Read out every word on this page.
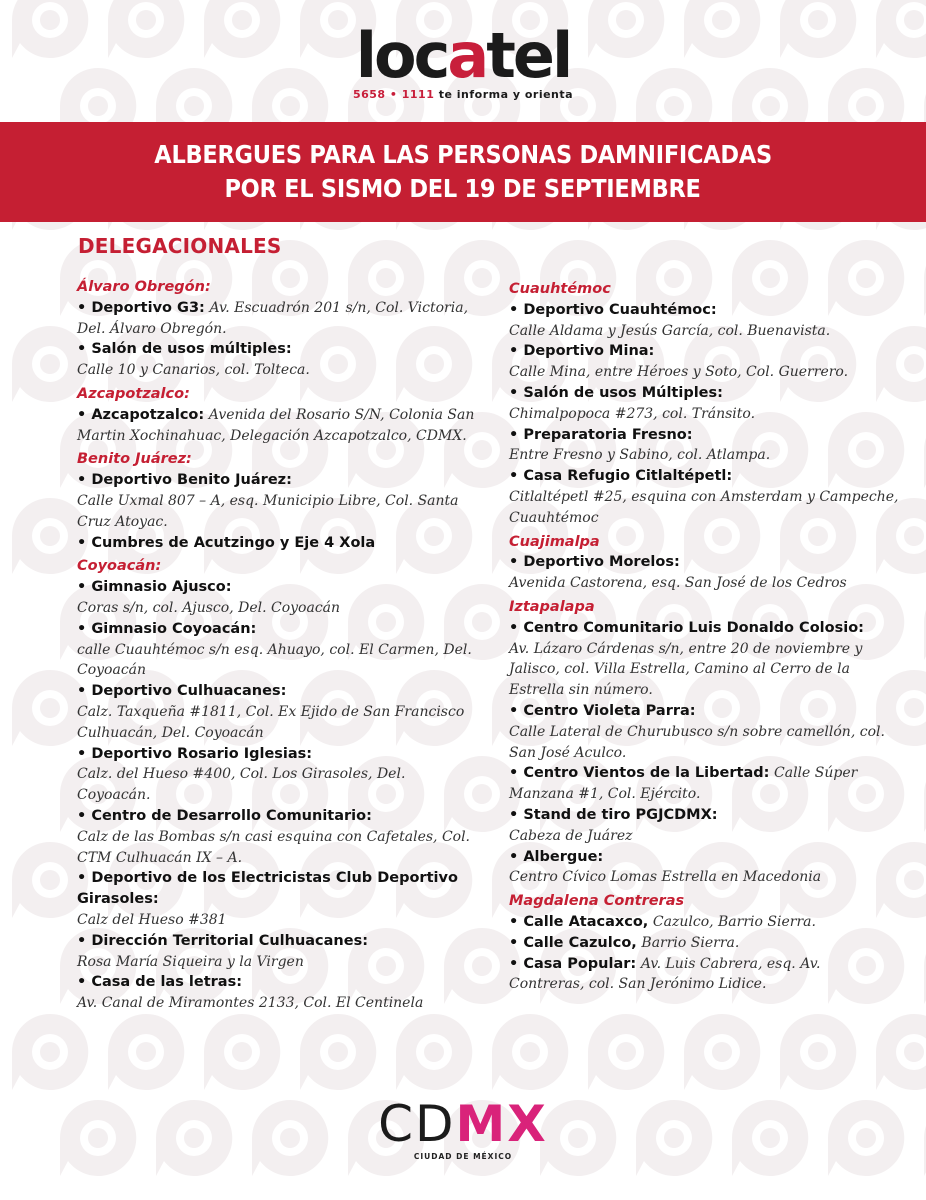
locatel
5658 • 1111 te informa y orienta
ALBERGUES PARA LAS PERSONAS DAMNIFICADAS
POR EL SISMO DEL 19 DE SEPTIEMBRE
DELEGACIONALES
Álvaro Obregón:
• Deportivo G3: Av. Escuadrón 201 s/n, Col. Victoria, Del. Álvaro Obregón.
• Salón de usos múltiples:
Calle 10 y Canarios, col. Tolteca.
Azcapotzalco:
• Azcapotzalco: Avenida del Rosario S/N, Colonia San Martin Xochinahuac, Delegación Azcapotzalco, CDMX.
Benito Juárez:
• Deportivo Benito Juárez:
Calle Uxmal 807 – A, esq. Municipio Libre, Col. Santa Cruz Atoyac.
• Cumbres de Acutzingo y Eje 4 Xola
Coyoacán:
• Gimnasio Ajusco:
Coras s/n, col. Ajusco, Del. Coyoacán
• Gimnasio Coyoacán:
calle Cuauhtémoc s/n esq. Ahuayo, col. El Carmen, Del. Coyoacán
• Deportivo Culhuacanes:
Calz. Taxqueña #1811, Col. Ex Ejido de San Francisco Culhuacán, Del. Coyoacán
• Deportivo Rosario Iglesias:
Calz. del Hueso #400, Col. Los Girasoles, Del. Coyoacán.
• Centro de Desarrollo Comunitario:
Calz de las Bombas s/n casi esquina con Cafetales, Col. CTM Culhuacán IX – A.
• Deportivo de los Electricistas Club Deportivo Girasoles:
Calz del Hueso #381
• Dirección Territorial Culhuacanes:
Rosa María Siqueira y la Virgen
• Casa de las letras:
Av. Canal de Miramontes 2133, Col. El Centinela
Cuauhtémoc
• Deportivo Cuauhtémoc:
Calle Aldama y Jesús García, col. Buenavista.
• Deportivo Mina:
Calle Mina, entre Héroes y Soto, Col. Guerrero.
• Salón de usos Múltiples:
Chimalpopoca #273, col. Tránsito.
• Preparatoria Fresno:
Entre Fresno y Sabino, col. Atlampa.
• Casa Refugio Citlaltépetl:
Citlaltépetl #25, esquina con Amsterdam y Campeche, Cuauhtémoc
Cuajimalpa
• Deportivo Morelos:
Avenida Castorena, esq. San José de los Cedros
Iztapalapa
• Centro Comunitario Luis Donaldo Colosio:
Av. Lázaro Cárdenas s/n, entre 20 de noviembre y Jalisco, col. Villa Estrella, Camino al Cerro de la Estrella sin número.
• Centro Violeta Parra:
Calle Lateral de Churubusco s/n sobre camellón, col. San José Aculco.
• Centro Vientos de la Libertad: Calle Súper Manzana #1, Col. Ejército.
• Stand de tiro PGJCDMX:
Cabeza de Juárez
• Albergue:
Centro Cívico Lomas Estrella en Macedonia
Magdalena Contreras
• Calle Atacaxco, Cazulco, Barrio Sierra.
• Calle Cazulco, Barrio Sierra.
• Casa Popular: Av. Luis Cabrera, esq. Av. Contreras, col. San Jerónimo Lidice.
CDMX
CIUDAD DE MÉXICO
